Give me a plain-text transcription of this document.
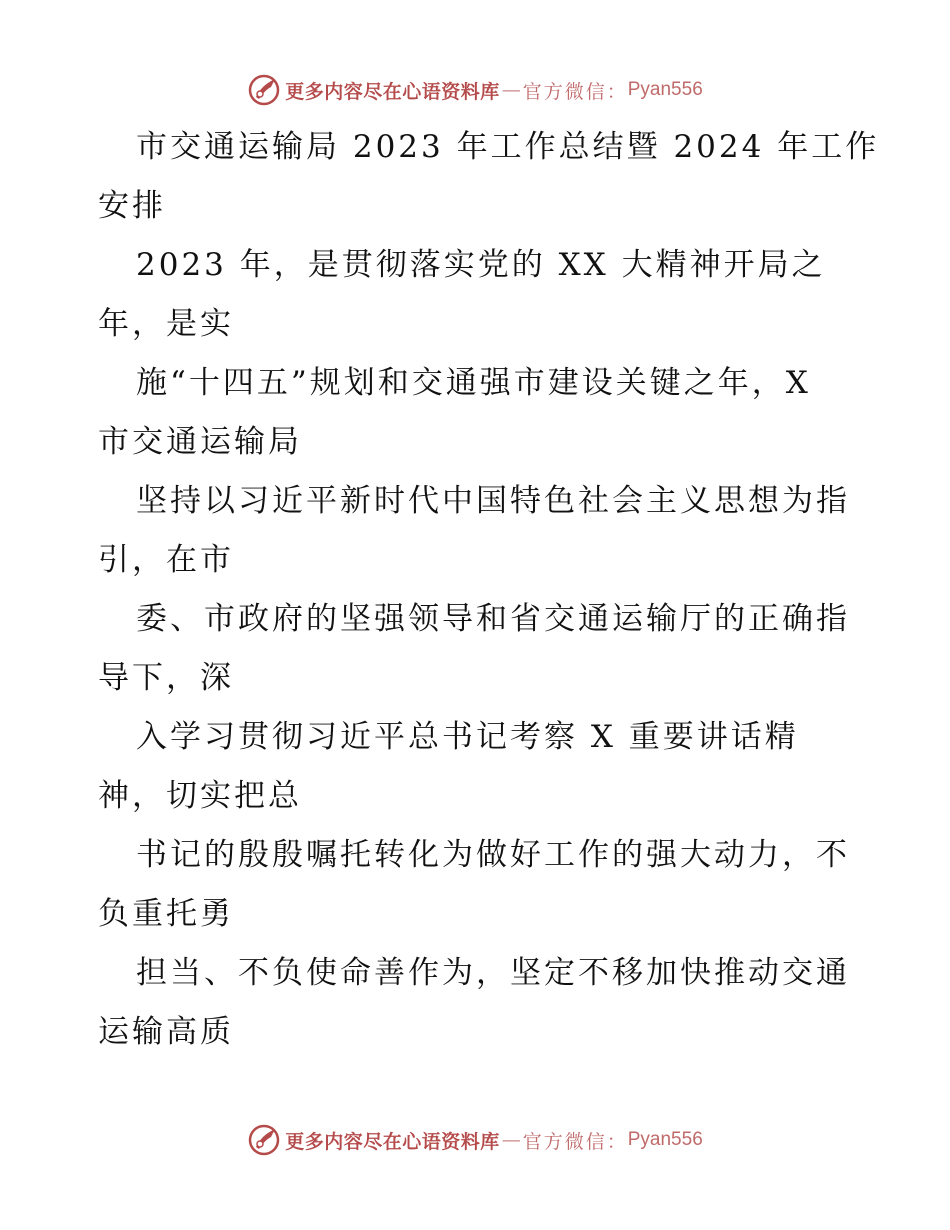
更多内容尽在心语资料库 — 官方微信： Pyan556
市交通运输局 2023 年工作总结暨 2024 年工作
安排
2023 年，是贯彻落实党的 XX 大精神开局之
年，是实
施“十四五”规划和交通强市建设关键之年，X
市交通运输局
坚持以习近平新时代中国特色社会主义思想为指
引，在市
委、市政府的坚强领导和省交通运输厅的正确指
导下，深
入学习贯彻习近平总书记考察 X 重要讲话精
神，切实把总
书记的殷殷嘱托转化为做好工作的强大动力，不
负重托勇
担当、不负使命善作为，坚定不移加快推动交通
运输高质
更多内容尽在心语资料库 — 官方微信： Pyan556
